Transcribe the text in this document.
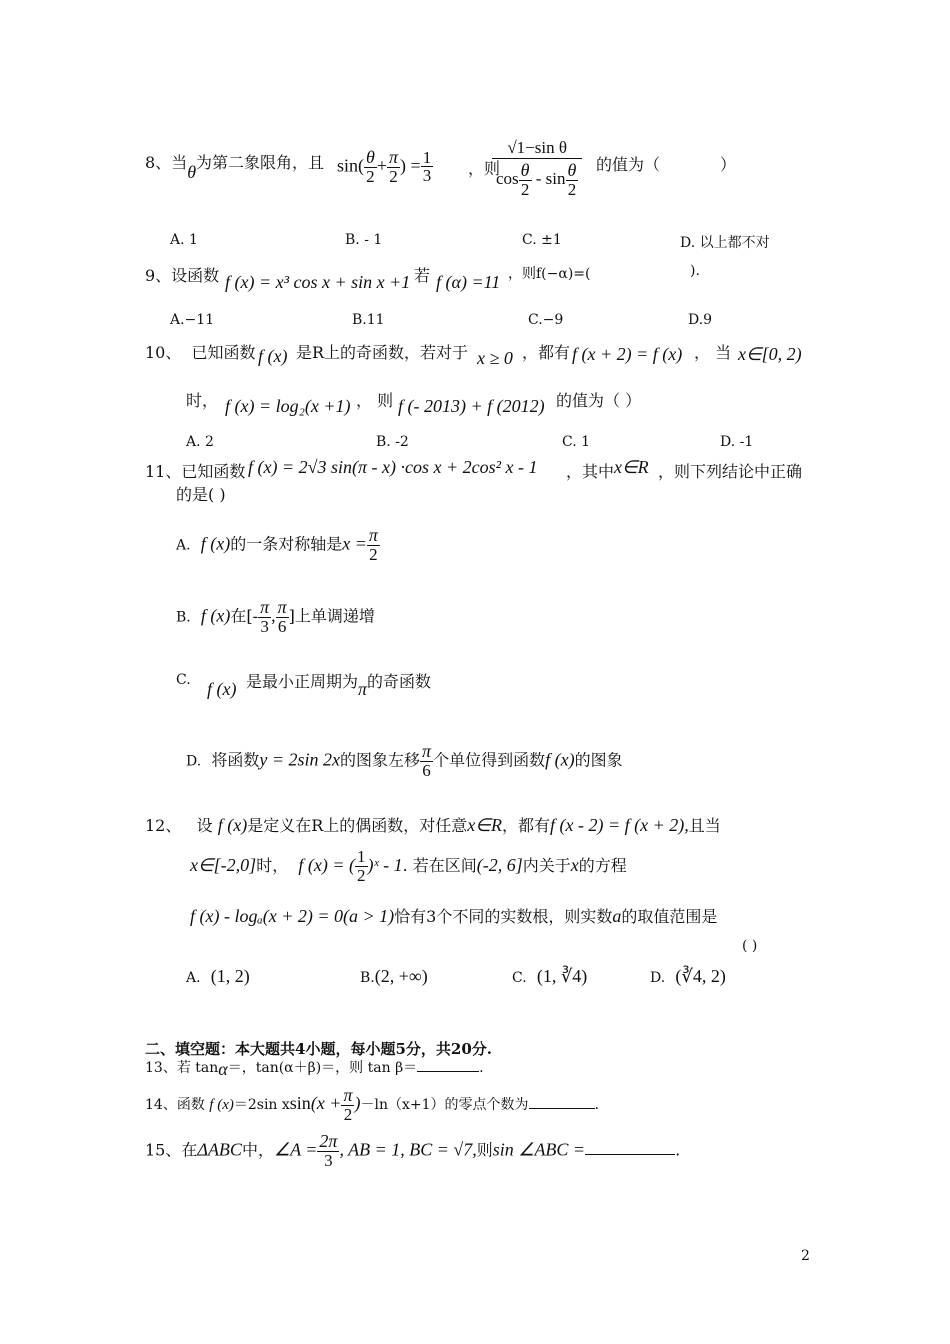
8、当θ为第二象限角，且 $\sin( \frac{\theta}{2} + \frac{\pi}{2}$ ) = $\frac{1}{3}$ ，则
√1−sin θ
$\cos \frac{\theta}{2}$ - $\sin \frac{\theta}{2}$ 的值为（	）
A. 1	B. - 1	C. ±1	D. 以上都不对
9、设函数 f (x) = x³ cos x + sin x +1 若 f (α) =11 ，则f(−α)=(	).
A.−11	B.11	C.−9	D.9
10、 已知函数 f (x) 是R上的奇函数，若对于 x ≥ 0 ，都有 f (x + 2) = f (x) ， 当 x∈[0, 2)
时， f (x) = log₂(x +1) ， 则 f (- 2013) + f (2012) 的值为（ ）
A. 2	B. -2	C. 1	D. -1
11、已知函数 f (x) = 2√3 sin(π - x) ·cos x + 2cos² x - 1 ，其中 x∈R ，则下列结论中正确
的是( )
A. f (x)的一条对称轴是$x = \frac{\pi}{2}$
B. f (x)在[- $\frac{\pi}{3}$ , $\frac{\pi}{6}$ ]上单调递增
C. f (x) 是最小正周期为π的奇函数
D. 将函数y = 2sin 2x的图象左移 $\frac{\pi}{6}$ 个单位得到函数f (x)的图象
12、 设 f (x)是定义在R上的偶函数，对任意x∈R，都有f (x - 2) = f (x + 2),且当
x∈[-2,0]时， f (x) = ( $\frac{1}{2}$ )ˣ - 1. 若在区间(-2, 6]内关于x的方程
f (x) - logₐ(x + 2) = 0(a > 1)恰有3个不同的实数根，则实数a的取值范围是
( )
A. (1, 2)	B.(2, +∞)	C. (1, ∛4)	D. (∛4, 2)
二、填空题：本大题共4小题，每小题5分，共20分.
13、若 tanα＝，tan(α＋β)＝，则 tan β＝	.
14、函数 f (x)＝2sin $xsin(x + \frac{\pi}{2} )-\ln(x+1)$的零点个数为	.
15、在ΔABC中，∠A = $\frac{2\pi}{3}$ , AB = 1, BC = √7,则sin ∠ABC =	.
2
